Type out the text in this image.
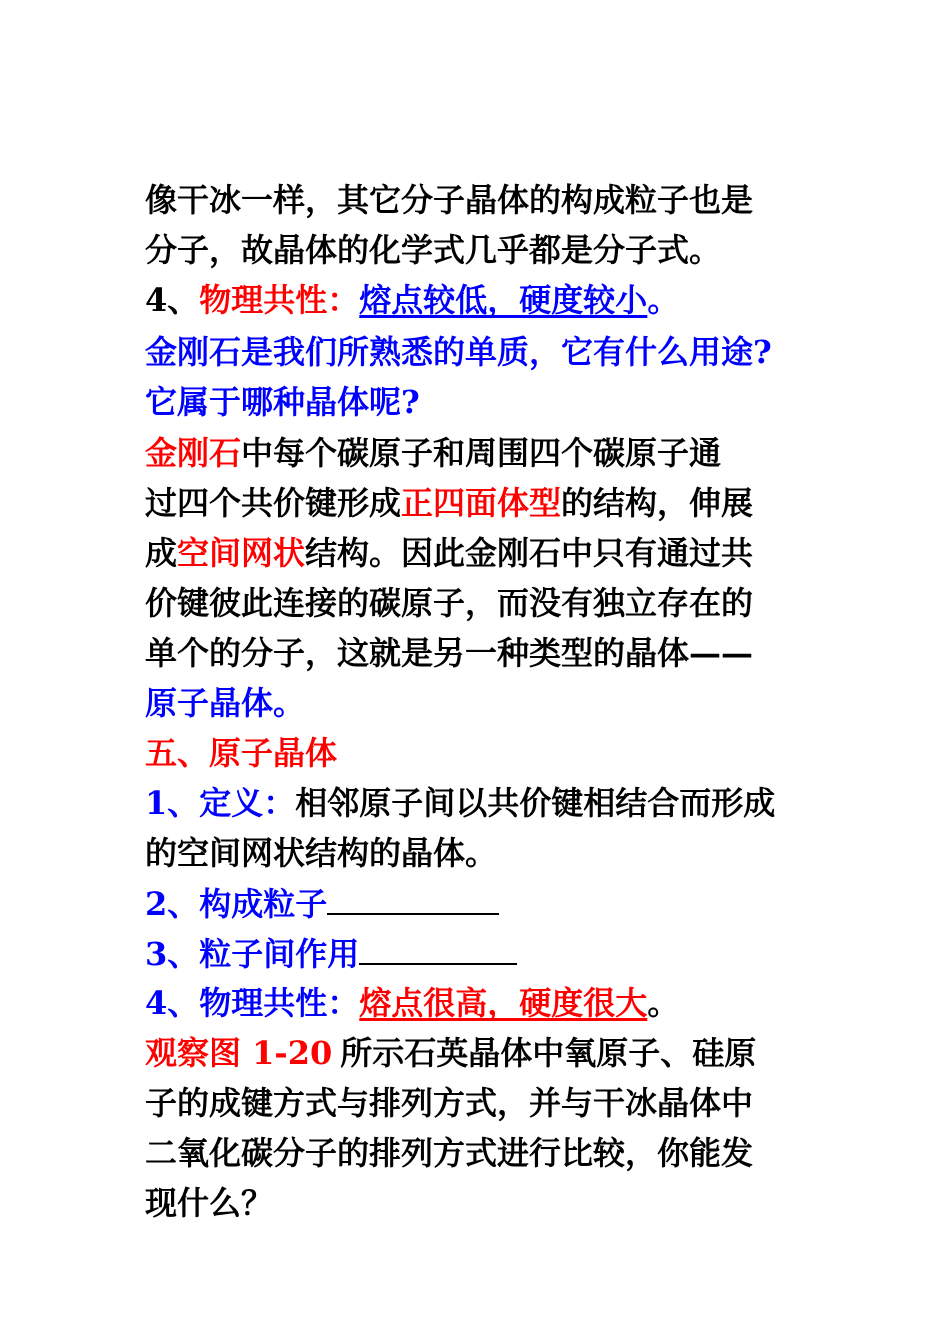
像干冰一样，其它分子晶体的构成粒子也是
分子，故晶体的化学式几乎都是分子式。
4、物理共性：熔点较低，硬度较小。
金刚石是我们所熟悉的单质，它有什么用途?
它属于哪种晶体呢?
金刚石中每个碳原子和周围四个碳原子通
过四个共价键形成正四面体型的结构，伸展
成空间网状结构。因此金刚石中只有通过共
价键彼此连接的碳原子，而没有独立存在的
单个的分子，这就是另一种类型的晶体——
原子晶体。
五、原子晶体
1、定义：相邻原子间以共价键相结合而形成
的空间网状结构的晶体。
2、构成粒子
3、粒子间作用
4、物理共性：熔点很高，硬度很大。
观察图 1-20 所示石英晶体中氧原子、硅原
子的成键方式与排列方式，并与干冰晶体中
二氧化碳分子的排列方式进行比较，你能发
现什么？
